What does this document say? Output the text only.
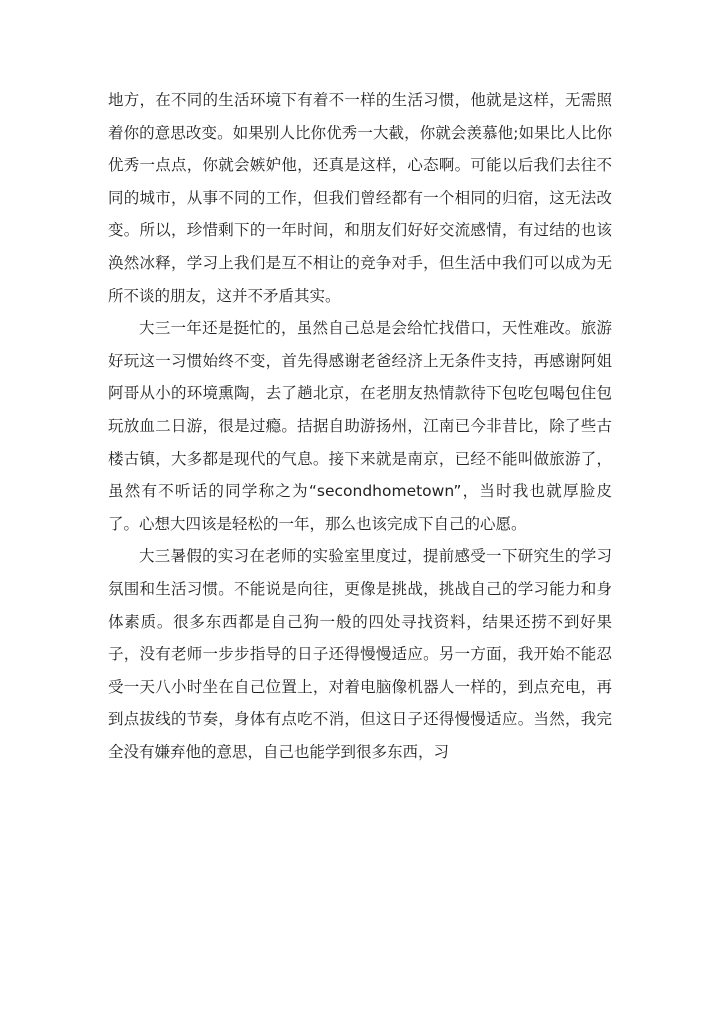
地方，在不同的生活环境下有着不一样的生活习惯，他就是这样，无需照着你的意思改变。如果别人比你优秀一大截，你就会羡慕他;如果比人比你优秀一点点，你就会嫉妒他，还真是这样，心态啊。可能以后我们去往不同的城市，从事不同的工作，但我们曾经都有一个相同的归宿，这无法改变。所以，珍惜剩下的一年时间，和朋友们好好交流感情，有过结的也该涣然冰释，学习上我们是互不相让的竞争对手，但生活中我们可以成为无所不谈的朋友，这并不矛盾其实。

大三一年还是挺忙的，虽然自己总是会给忙找借口，天性难改。旅游好玩这一习惯始终不变，首先得感谢老爸经济上无条件支持，再感谢阿姐阿哥从小的环境熏陶，去了趟北京，在老朋友热情款待下包吃包喝包住包玩放血二日游，很是过瘾。拮据自助游扬州，江南已今非昔比，除了些古楼古镇，大多都是现代的气息。接下来就是南京，已经不能叫做旅游了，虽然有不听话的同学称之为“secondhometown”，当时我也就厚脸皮了。心想大四该是轻松的一年，那么也该完成下自己的心愿。

大三暑假的实习在老师的实验室里度过，提前感受一下研究生的学习氛围和生活习惯。不能说是向往，更像是挑战，挑战自己的学习能力和身体素质。很多东西都是自己狗一般的四处寻找资料，结果还捞不到好果子，没有老师一步步指导的日子还得慢慢适应。另一方面，我开始不能忍受一天八小时坐在自己位置上，对着电脑像机器人一样的，到点充电，再到点拔线的节奏，身体有点吃不消，但这日子还得慢慢适应。当然，我完全没有嫌弃他的意思，自己也能学到很多东西，习
